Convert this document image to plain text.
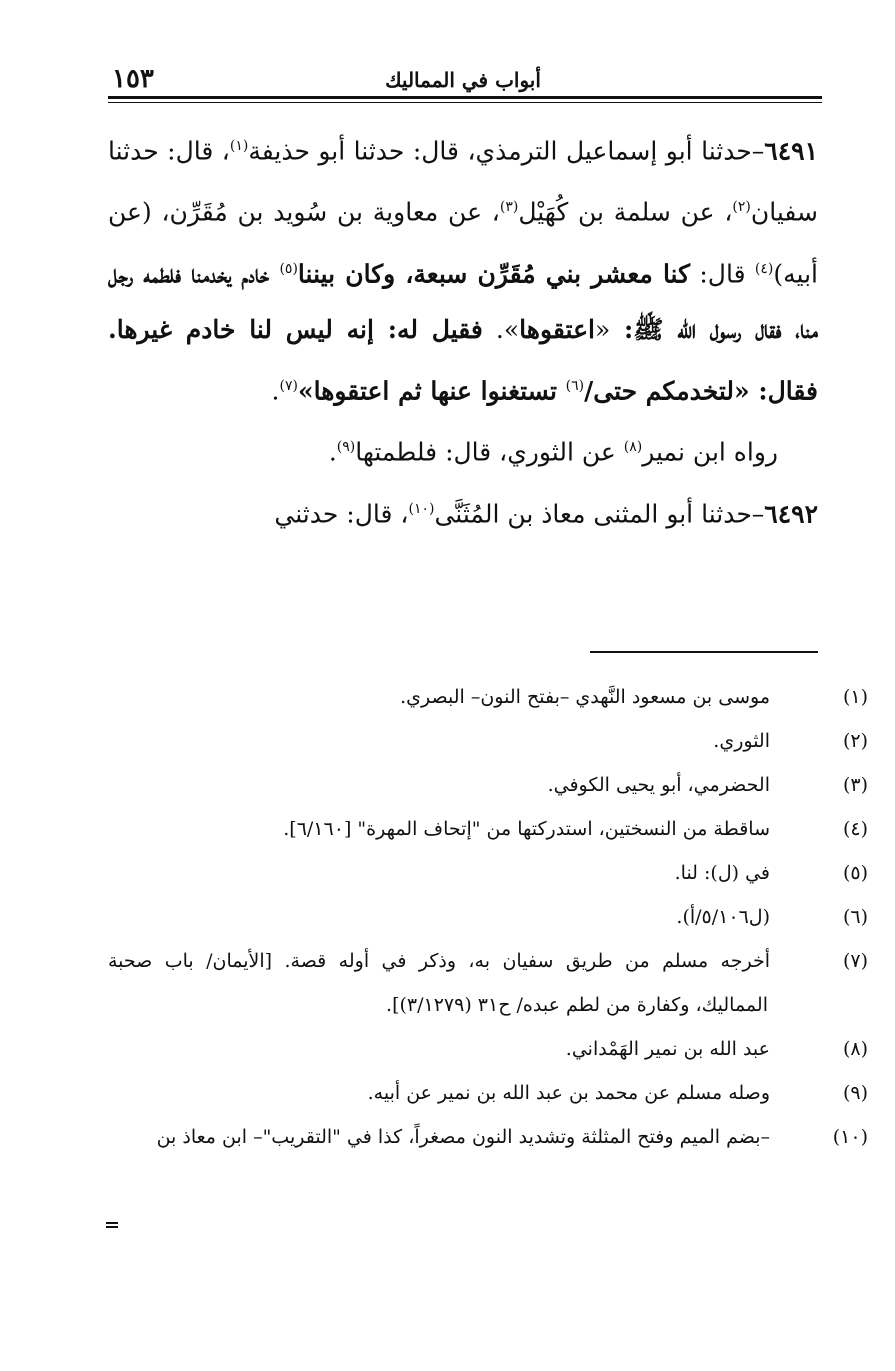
١٥٣	أبواب في المماليك

٦٤٩١–حدثنا أبو إسماعيل الترمذي، قال: حدثنا أبو حذيفة$^{(١)}$، قال: حدثنا سفيان$^{(٢)}$، عن سلمة بن كُهَيْل$^{(٣)}$، عن معاوية بن سُويد بن مُقَرِّن، (عن أبيه)$^{(٤)}$ قال: كنا معشر بني مُقَرِّن سبعة، وكان بيننا$^{(٥)}$ خادم يخدمنا فلطمه رجل منا، فقال رسول الله ﷺ: «اعتقوها». فقيل له: إنه ليس لنا خادم غيرها. فقال: «لتخدمكم حتى/$^{(٦)}$ تستغنوا عنها ثم اعتقوها»$^{(٧)}$.

رواه ابن نمير$^{(٨)}$ عن الثوري، قال: فلطمتها$^{(٩)}$.

٦٤٩٢–حدثنا أبو المثنى معاذ بن المُثَنَّى$^{(١٠)}$، قال: حدثني

(١)موسى بن مسعود النَّهدي –بفتح النون– البصري.
(٢)الثوري.
(٣)الحضرمي، أبو يحيى الكوفي.
(٤)ساقطة من النسختين، استدركتها من "إتحاف المهرة" [٦/١٦٠].
(٥)في (ل): لنا.
(٦)(ل٥/١٠٦/أ).
(٧)أخرجه مسلم من طريق سفيان به، وذكر في أوله قصة. [الأيمان/ باب صحبة المماليك، وكفارة من لطم عبده/ ح٣١ (٣/١٢٧٩)].
(٨)عبد الله بن نمير الهَمْداني.
(٩)وصله مسلم عن محمد بن عبد الله بن نمير عن أبيه.
(١٠)–بضم الميم وفتح المثلثة وتشديد النون مصغراً، كذا في "التقريب"– ابن معاذ بن
